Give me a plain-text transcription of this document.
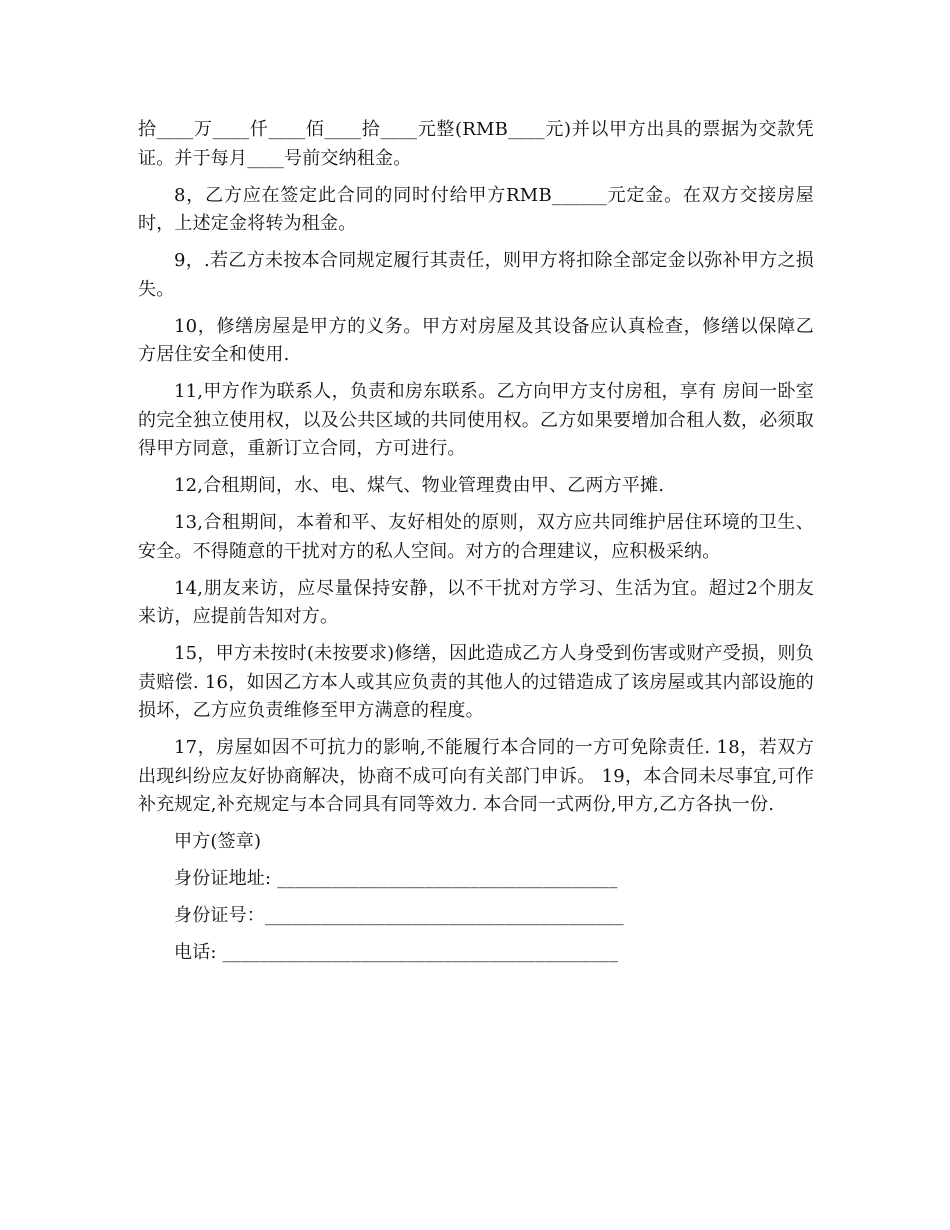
拾____万____仟____佰____拾____元整(RMB____元)并以甲方出具的票据为交款凭证。并于每月____号前交纳租金。

8，乙方应在签定此合同的同时付给甲方RMB______元定金。在双方交接房屋时，上述定金将转为租金。

9，.若乙方未按本合同规定履行其责任，则甲方将扣除全部定金以弥补甲方之损失。

10，修缮房屋是甲方的义务。甲方对房屋及其设备应认真检查，修缮以保障乙方居住安全和使用.

11,甲方作为联系人，负责和房东联系。乙方向甲方支付房租，享有 房间一卧室的完全独立使用权，以及公共区域的共同使用权。乙方如果要增加合租人数，必须取得甲方同意，重新订立合同，方可进行。

12,合租期间，水、电、煤气、物业管理费由甲、乙两方平摊.

13,合租期间，本着和平、友好相处的原则，双方应共同维护居住环境的卫生、安全。不得随意的干扰对方的私人空间。对方的合理建议，应积极采纳。

14,朋友来访，应尽量保持安静，以不干扰对方学习、生活为宜。超过2个朋友来访，应提前告知对方。

15，甲方未按时(未按要求)修缮，因此造成乙方人身受到伤害或财产受损，则负责赔偿. 16，如因乙方本人或其应负责的其他人的过错造成了该房屋或其内部设施的损坏，乙方应负责维修至甲方满意的程度。

17，房屋如因不可抗力的影响,不能履行本合同的一方可免除责任. 18，若双方出现纠纷应友好协商解决，协商不成可向有关部门申诉。 19，本合同未尽事宜,可作补充规定,补充规定与本合同具有同等效力. 本合同一式两份,甲方,乙方各执一份.

甲方(签章)
身份证地址: _____________________________________
身份证号：_______________________________________
电话: ___________________________________________
